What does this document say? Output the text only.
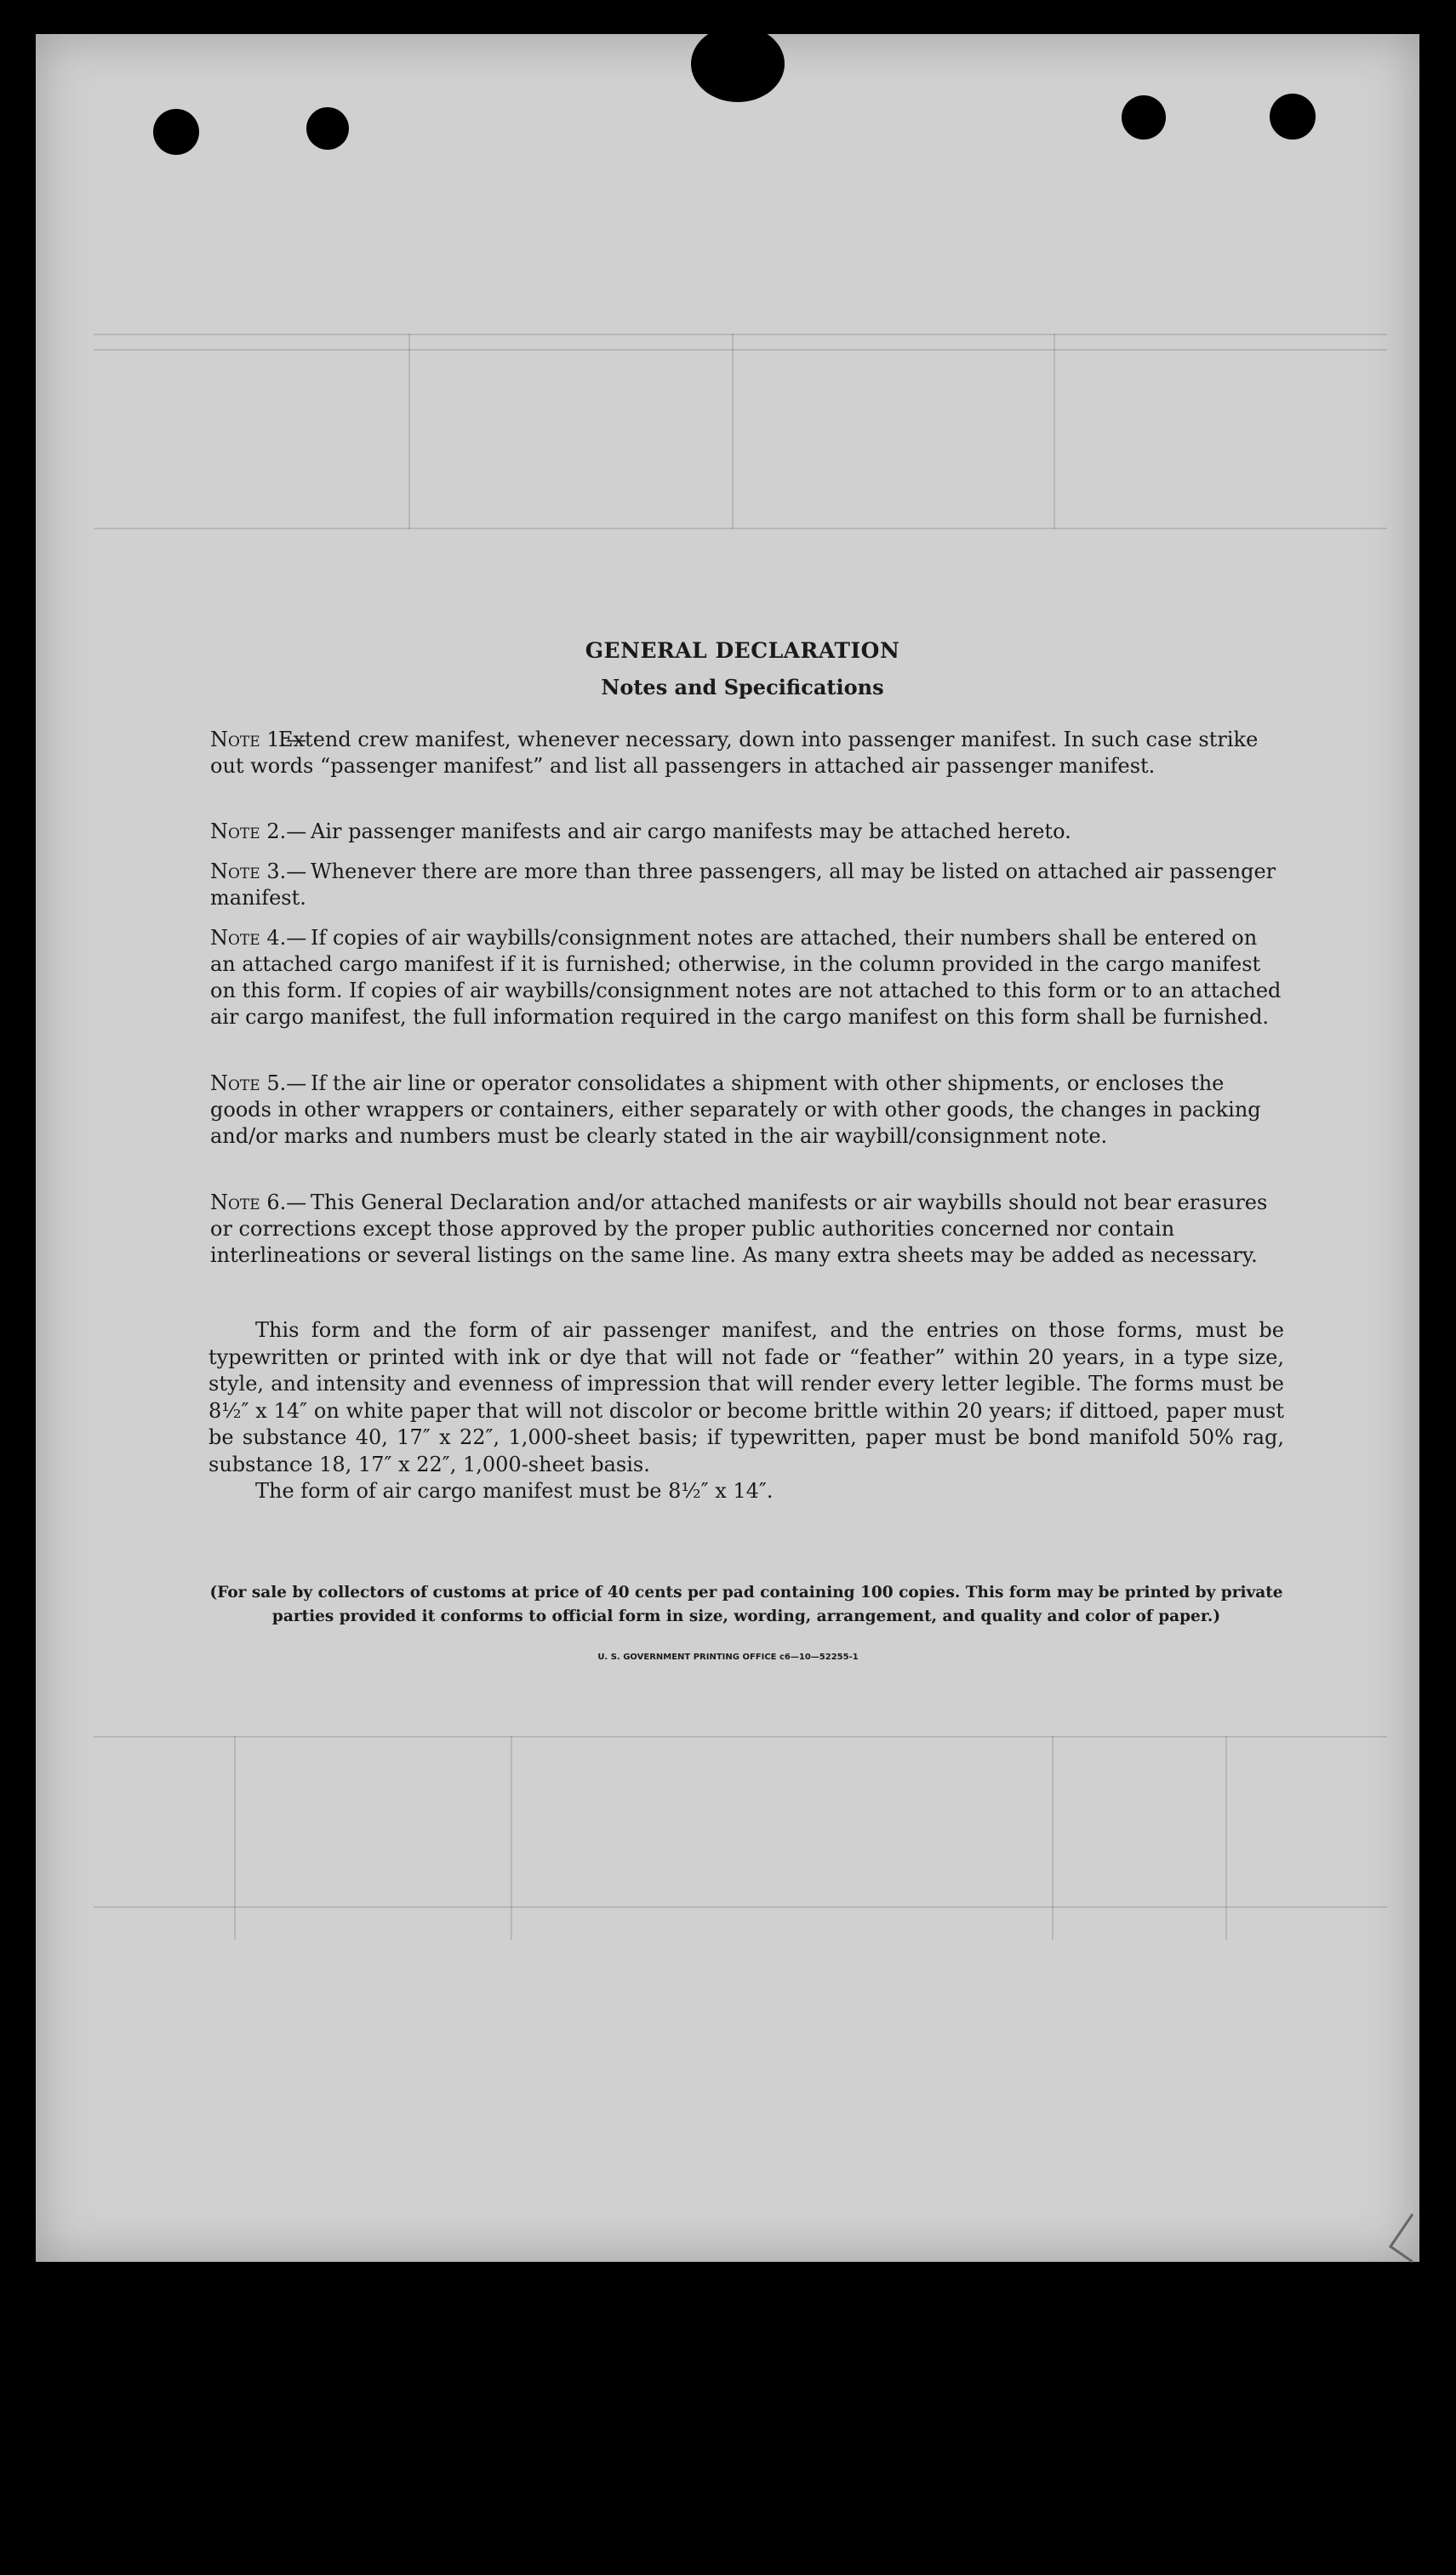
GENERAL DECLARATION
Notes and Specifications
Note 1.—
Extend crew manifest, whenever necessary, down into passenger manifest. In such case strike out words “passenger manifest” and list all passengers in attached air passenger manifest.
Note 2.— Air passenger manifests and air cargo manifests may be attached hereto.
Note 3.— Whenever there are more than three passengers, all may be listed on attached air passenger manifest.
Note 4.— If copies of air waybills/consignment notes are attached, their numbers shall be entered on an attached cargo manifest if it is furnished; otherwise, in the column provided in the cargo manifest on this form. If copies of air waybills/consignment notes are not attached to this form or to an attached air cargo manifest, the full information required in the cargo manifest on this form shall be furnished.
Note 5.— If the air line or operator consolidates a shipment with other shipments, or encloses the goods in other wrappers or containers, either separately or with other goods, the changes in packing and/or marks and numbers must be clearly stated in the air waybill/consignment note.
Note 6.— This General Declaration and/or attached manifests or air waybills should not bear erasures or corrections except those approved by the proper public authorities concerned nor contain interlineations or several listings on the same line. As many extra sheets may be added as necessary.
This form and the form of air passenger manifest, and the entries on those forms, must be typewritten or printed with ink or dye that will not fade or “feather” within 20 years, in a type size, style, and intensity and evenness of impression that will render every letter legible. The forms must be 8½″ x 14″ on white paper that will not discolor or become brittle within 20 years; if dittoed, paper must be substance 40, 17″ x 22″, 1,000-sheet basis; if typewritten, paper must be bond manifold 50% rag, substance 18, 17″ x 22″, 1,000-sheet basis.
The form of air cargo manifest must be 8½″ x 14″.
(For sale by collectors of customs at price of 40 cents per pad containing 100 copies. This form may be printed by private parties provided it conforms to official form in size, wording, arrangement, and quality and color of paper.)
U. S. GOVERNMENT PRINTING OFFICE c6—10—52255-1
